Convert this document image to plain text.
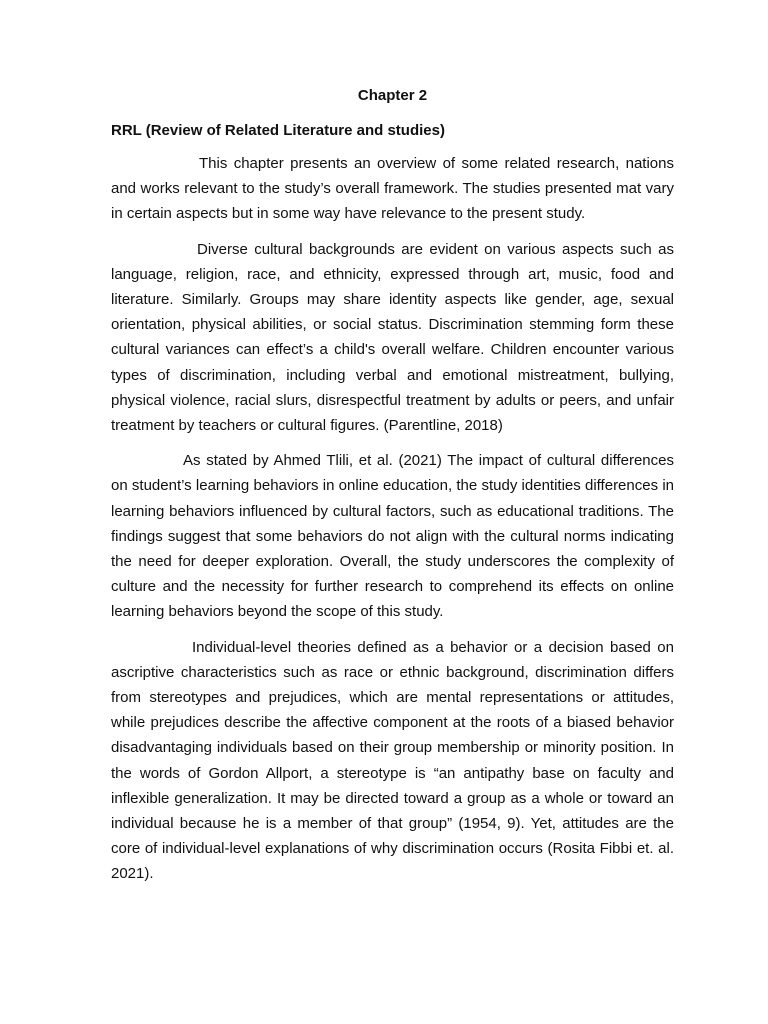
Chapter 2
RRL (Review of Related Literature and studies)

This chapter presents an overview of some related research, nations and works relevant to the study’s overall framework. The studies presented mat vary in certain aspects but in some way have relevance to the present study.

Diverse cultural backgrounds are evident on various aspects such as language, religion, race, and ethnicity, expressed through art, music, food and literature. Similarly. Groups may share identity aspects like gender, age, sexual orientation, physical abilities, or social status. Discrimination stemming form these cultural variances can effect’s a child's overall welfare. Children encounter various types of discrimination, including verbal and emotional mistreatment, bullying, physical violence, racial slurs, disrespectful treatment by adults or peers, and unfair treatment by teachers or cultural figures. (Parentline, 2018)

As stated by Ahmed Tlili, et al. (2021) The impact of cultural differences on student’s learning behaviors in online education, the study identities differences in learning behaviors influenced by cultural factors, such as educational traditions. The findings suggest that some behaviors do not align with the cultural norms indicating the need for deeper exploration. Overall, the study underscores the complexity of culture and the necessity for further research to comprehend its effects on online learning behaviors beyond the scope of this study.

Individual-level theories defined as a behavior or a decision based on ascriptive characteristics such as race or ethnic background, discrimination differs from stereotypes and prejudices, which are mental representations or attitudes, while prejudices describe the affective component at the roots of a biased behavior disadvantaging individuals based on their group membership or minority position. In the words of Gordon Allport, a stereotype is “an antipathy base on faculty and inflexible generalization. It may be directed toward a group as a whole or toward an individual because he is a member of that group” (1954, 9). Yet, attitudes are the core of individual-level explanations of why discrimination occurs (Rosita Fibbi et. al. 2021).
